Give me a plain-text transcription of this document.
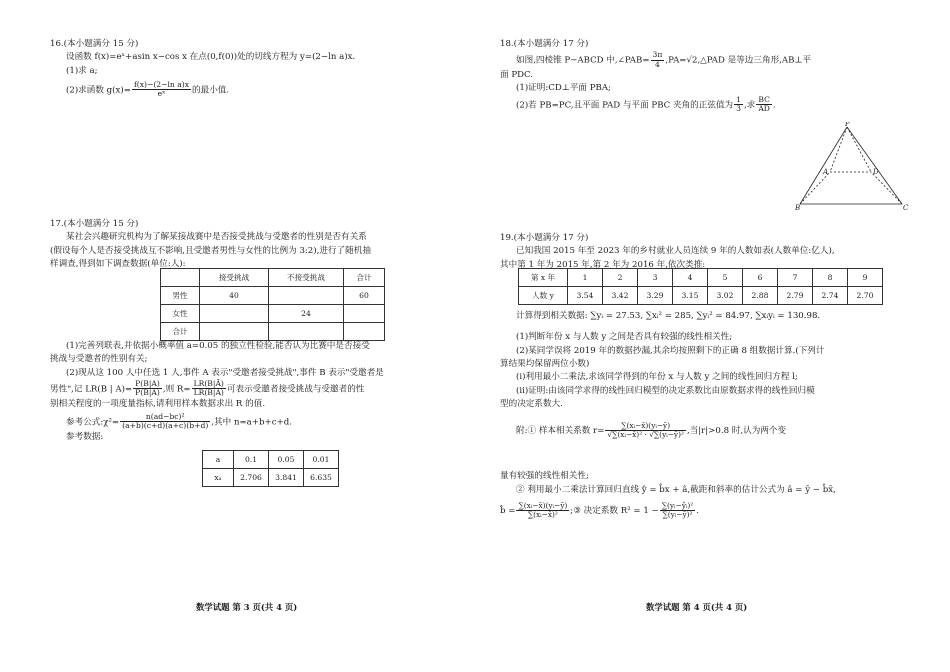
16.(本小题满分 15 分)
设函数 f(x)=eˣ+asin x−cos x 在点(0,f(0))处的切线方程为 y=(2−ln a)x.
(1)求 a;
(2)求函数 $g(x)= \frac{\text{f(x)−(2−ln a)x}}{\text{eˣ}}$ 的最小值.
17.(本小题满分 15 分)
某社会兴趣研究机构为了解某接战赛中是否接受挑战与受邀者的性别是否有关系
(假设每个人是否接受挑战互不影响,且受邀者男性与女性的比例为 3:2),进行了随机抽
样调查,得到如下调查数据(单位:人):
	接受挑战	不接受挑战	合计
男性	40		60
女性		24	
合计			
(1)完善列联表,并依据小概率值 a=0.05 的独立性检验,能否认为比赛中是否接受
挑战与受邀者的性别有关;
(2)现从这 100 人中任选 1 人,事件 A 表示"受邀者接受挑战",事件 B 表示"受邀者是
男性",记 LR(B | $A)= \frac{P(B|A)}{P(B̄|A)}$ ,则 $R= \frac{LR(B|Ā)}{LR(B|A)}$ 可表示受邀者接受挑战与受邀者的性
别相关程度的一项度量指标,请利用样本数据求出 R 的值.
参考公式:χ²= $\frac{\text{n(ad−bc)²}}{(a+b)(c+d)(a+c)(b+d)}$ ,其中 n=a+b+c+d.
参考数据:
a	0.1	0.05	0.01
xₐ	2.706	3.841	6.635
数学试题 第 3 页(共 4 页)
18.(本小题满分 17 分)
如图,四棱锥 P−ABCD 中,∠PAB= $\frac{3\pi}{4}$ ,PA=√2,△PAD 是等边三角形,AB⊥平
面 PDC.
(1)证明:CD⊥平面 PBA;
(2)若 PB=PC,且平面 PAD 与平面 PBC 夹角的正弦值为 $\frac{1}{3}$ ,求 $\frac{BC}{AD}$ .
P
A	D
B	C
19.(本小题满分 17 分)
已知我国 2015 年至 2023 年的乡村就业人员连续 9 年的人数如表(人数单位:亿人),
其中第 1 年为 2015 年,第 2 年为 2016 年,依次类推:
第 x 年	1	2	3	4	5	6	7	8	9
人数 y	3.54	3.42	3.29	3.15	3.02	2.88	2.79	2.74	2.70
计算得到相关数据: ∑yᵢ = 27.53, ∑xᵢ² = 285, ∑yᵢ² = 84.97, ∑xᵢyᵢ = 130.98.
(1)判断年份 x 与人数 y 之间是否具有较强的线性相关性;
(2)某同学误将 2019 年的数据抄漏,其余均按照剩下的正确 8 组数据计算.(下列计
算结果均保留两位小数)
(ⅰ)利用最小二乘法,求该同学得到的年份 x 与人数 y 之间的线性回归方程 l;
(ⅱ)证明:由该同学求得的线性回归模型的决定系数比由原数据求得的线性回归模
型的决定系数大.
附:① 样本相关系数 $r= \frac{\text{∑(xᵢ−x̄)(yᵢ−ȳ)}}{\text{√∑(xᵢ−x̄)² · √∑(yᵢ−ȳ)²}}$ ,当|r|>0.8 时,认为两个变
量有较强的线性相关性;
② 利用最小二乘法计算回归直线 ŷ = b̂x + â,截距和斜率的估计公式为 â = ȳ − b̂x̄,
b̂ = $\frac{\text{∑(xᵢ−x̄)(yᵢ−ȳ)}}{\text{∑(xᵢ−x̄)²}}$ ;③ 决定系数 $R^2 = 1 - \frac{\text{∑(yᵢ−ŷᵢ)²}}{\text{∑(yᵢ−ȳ)²}}$ .
数学试题 第 4 页(共 4 页)
